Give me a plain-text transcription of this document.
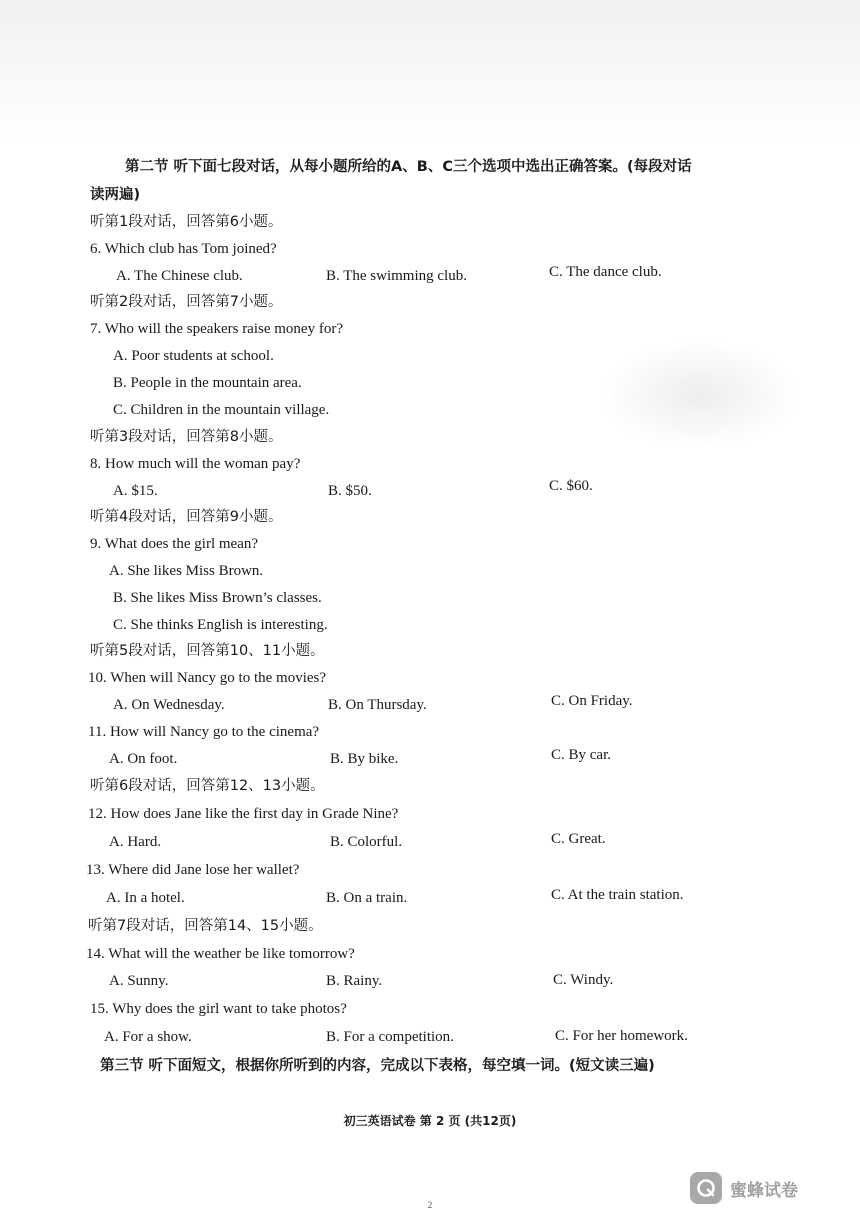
第二节 听下面七段对话，从每小题所给的A、B、C三个选项中选出正确答案。(每段对话
读两遍)
听第1段对话，回答第6小题。
6. Which club has Tom joined?
A. The Chinese club.	B. The swimming club.	C. The dance club.
听第2段对话，回答第7小题。
7. Who will the speakers raise money for?
A. Poor students at school.
B. People in the mountain area.
C. Children in the mountain village.
听第3段对话，回答第8小题。
8. How much will the woman pay?
A. $15.	B. $50.	C. $60.
听第4段对话，回答第9小题。
9. What does the girl mean?
A. She likes Miss Brown.
B. She likes Miss Brown’s classes.
C. She thinks English is interesting.
听第5段对话，回答第10、11小题。
10. When will Nancy go to the movies?
A. On Wednesday.	B. On Thursday.	C. On Friday.
11. How will Nancy go to the cinema?
A. On foot.	B. By bike.	C. By car.
听第6段对话，回答第12、13小题。
12. How does Jane like the first day in Grade Nine?
A. Hard.	B. Colorful.	C. Great.
13. Where did Jane lose her wallet?
A. In a hotel.	B. On a train.	C. At the train station.
听第7段对话，回答第14、15小题。
14. What will the weather be like tomorrow?
A. Sunny.	B. Rainy.	C. Windy.
15. Why does the girl want to take photos?
A. For a show.	B. For a competition.	C. For her homework.
第三节 听下面短文，根据你所听到的内容，完成以下表格，每空填一词。(短文读三遍)
初三英语试卷 第 2 页 (共12页)
2
蜜蜂试卷
